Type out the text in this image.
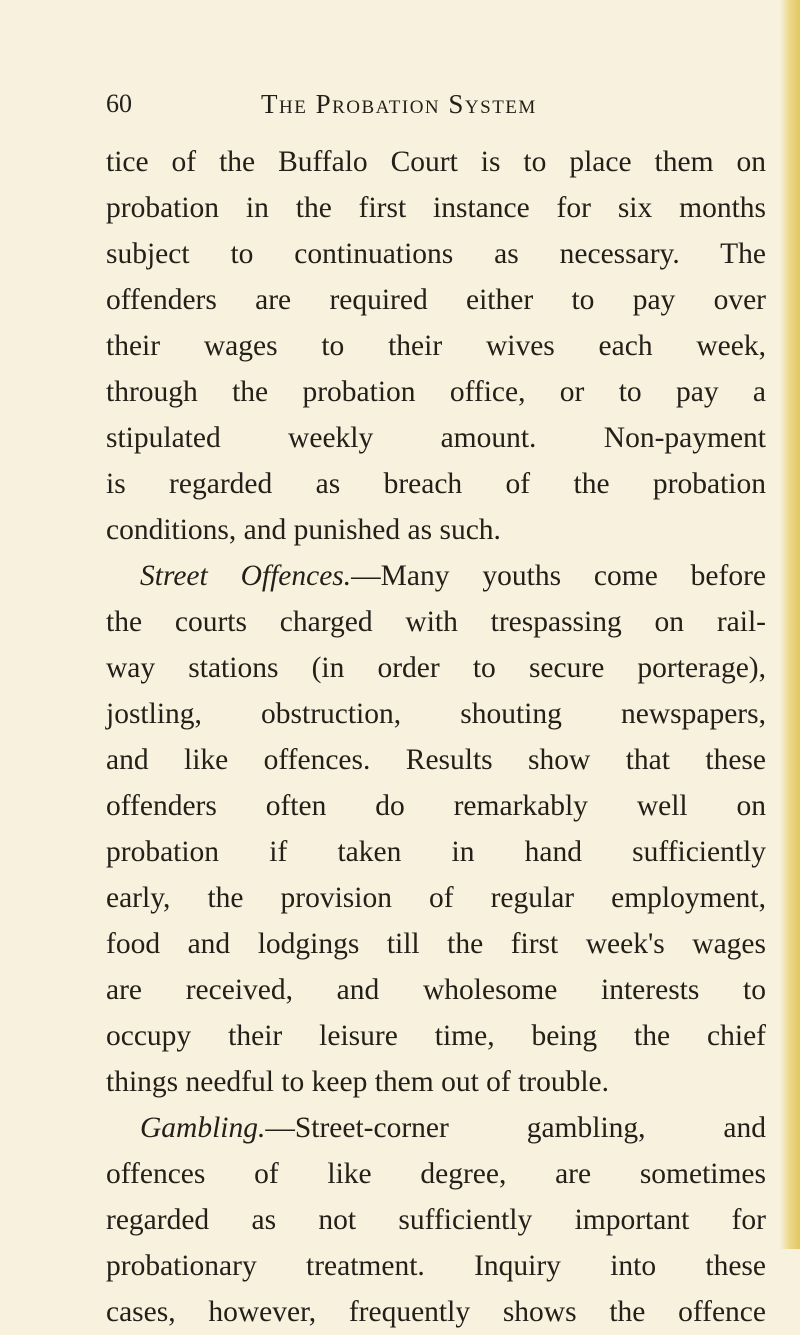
60	The Probation System
tice of the Buffalo Court is to place them on
probation in the first instance for six months
subject to continuations as necessary. The
offenders are required either to pay over
their wages to their wives each week,
through the probation office, or to pay a
stipulated weekly amount. Non-payment
is regarded as breach of the probation
conditions, and punished as such.
Street Offences.—Many youths come before
the courts charged with trespassing on rail-
way stations (in order to secure porterage),
jostling, obstruction, shouting newspapers,
and like offences. Results show that these
offenders often do remarkably well on
probation if taken in hand sufficiently
early, the provision of regular employment,
food and lodgings till the first week's wages
are received, and wholesome interests to
occupy their leisure time, being the chief
things needful to keep them out of trouble.
Gambling.—Street-corner gambling, and
offences of like degree, are sometimes
regarded as not sufficiently important for
probationary treatment. Inquiry into these
cases, however, frequently shows the offence
